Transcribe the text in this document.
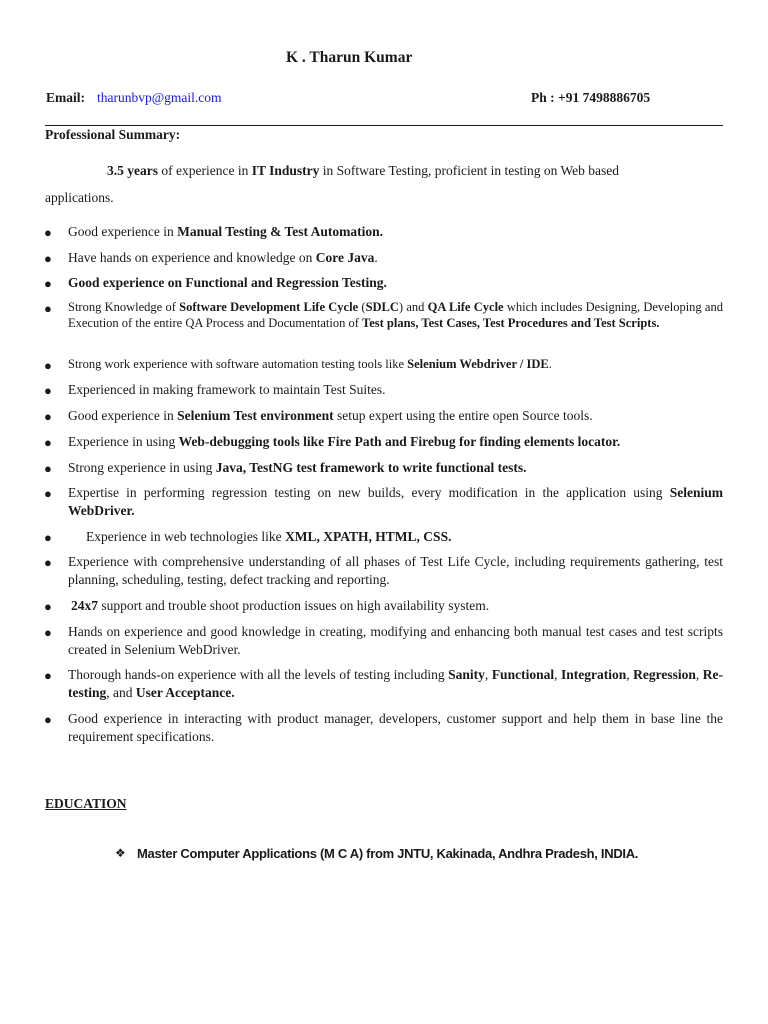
K . Tharun Kumar
Email: tharunbvp@gmail.com	Ph : +91 7498886705
Professional Summary:
3.5 years of experience in IT Industry in Software Testing, proficient in testing on Web based
applications.
● Good experience in Manual Testing & Test Automation.
● Have hands on experience and knowledge on Core Java.
● Good experience on Functional and Regression Testing.
● Strong Knowledge of Software Development Life Cycle (SDLC) and QA Life Cycle which includes Designing, Developing and Execution of the entire QA Process and Documentation of Test plans, Test Cases, Test Procedures and Test Scripts.
● Strong work experience with software automation testing tools like Selenium Webdriver / IDE.
● Experienced in making framework to maintain Test Suites.
● Good experience in Selenium Test environment setup expert using the entire open Source tools.
● Experience in using Web-debugging tools like Fire Path and Firebug for finding elements locator.
● Strong experience in using Java, TestNG test framework to write functional tests.
● Expertise in performing regression testing on new builds, every modification in the application using Selenium WebDriver.
●	Experience in web technologies like XML, XPATH, HTML, CSS.
● Experience with comprehensive understanding of all phases of Test Life Cycle, including requirements gathering, test planning, scheduling, testing, defect tracking and reporting.
● 24x7 support and trouble shoot production issues on high availability system.
● Hands on experience and good knowledge in creating, modifying and enhancing both manual test cases and test scripts created in Selenium WebDriver.
● Thorough hands-on experience with all the levels of testing including Sanity, Functional, Integration, Regression, Re-testing, and User Acceptance.
● Good experience in interacting with product manager, developers, customer support and help them in base line the requirement specifications.
EDUCATION
❖ Master Computer Applications (M C A) from JNTU, Kakinada, Andhra Pradesh, INDIA.
